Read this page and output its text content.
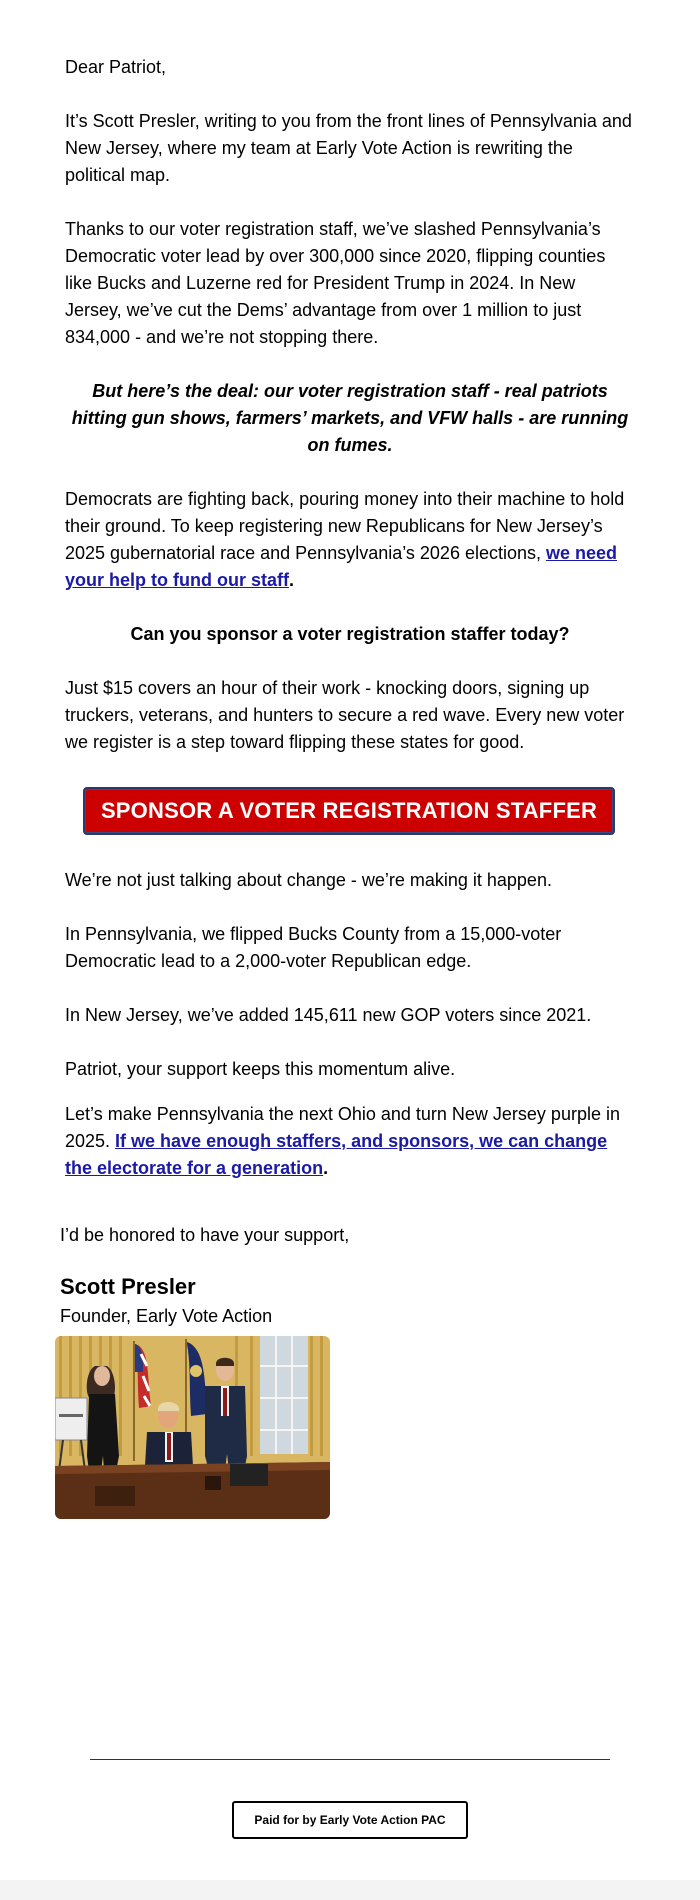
Dear Patriot,

It’s Scott Presler, writing to you from the front lines of Pennsylvania and New Jersey, where my team at Early Vote Action is rewriting the political map.

Thanks to our voter registration staff, we’ve slashed Pennsylvania’s Democratic voter lead by over 300,000 since 2020, flipping counties like Bucks and Luzerne red for President Trump in 2024. In New Jersey, we’ve cut the Dems’ advantage from over 1 million to just 834,000 - and we’re not stopping there.

But here’s the deal: our voter registration staff - real patriots hitting gun shows, farmers’ markets, and VFW halls - are running on fumes.

Democrats are fighting back, pouring money into their machine to hold their ground. To keep registering new Republicans for New Jersey’s 2025 gubernatorial race and Pennsylvania’s 2026 elections, we need your help to fund our staff.

Can you sponsor a voter registration staffer today?

Just $15 covers an hour of their work - knocking doors, signing up truckers, veterans, and hunters to secure a red wave. Every new voter we register is a step toward flipping these states for good.

SPONSOR A VOTER REGISTRATION STAFFER

We’re not just talking about change - we’re making it happen.

In Pennsylvania, we flipped Bucks County from a 15,000-voter Democratic lead to a 2,000-voter Republican edge.

In New Jersey, we’ve added 145,611 new GOP voters since 2021.

Patriot, your support keeps this momentum alive.

Let’s make Pennsylvania the next Ohio and turn New Jersey purple in 2025. If we have enough staffers, and sponsors, we can change the electorate for a generation.

I’d be honored to have your support,
Scott Presler
Founder, Early Vote Action
Paid for by Early Vote Action PAC
